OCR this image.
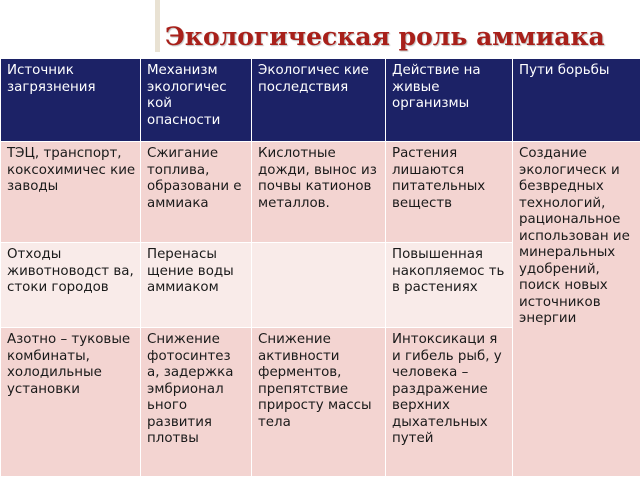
Экологическая роль аммиака
Источник загрязнения	Механизм экологичес кой опасности	Экологичес кие последствия	Действие на живые организмы	Пути борьбы
ТЭЦ, транспорт, коксохимичес кие заводы	Сжигание топлива, образовани е аммиака	Кислотные дожди, вынос из почвы катионов металлов.	Растения лишаются питательных веществ	Создание экологическ и безвредных технологий, рациональное использован ие минеральных удобрений, поиск новых источников энергии
Отходы животноводст ва, стоки городов	Перенасы щение воды аммиаком		Повышенная накопляемос ть в растениях	
Азотно – туковые комбинаты, холодильные установки	Снижение фотосинтез а, задержка эмбрионал ьного развития плотвы	Снижение активности ферментов, препятствие приросту массы тела	Интоксикаци я и гибель рыб, у человека – раздражение верхних дыхательных путей	
